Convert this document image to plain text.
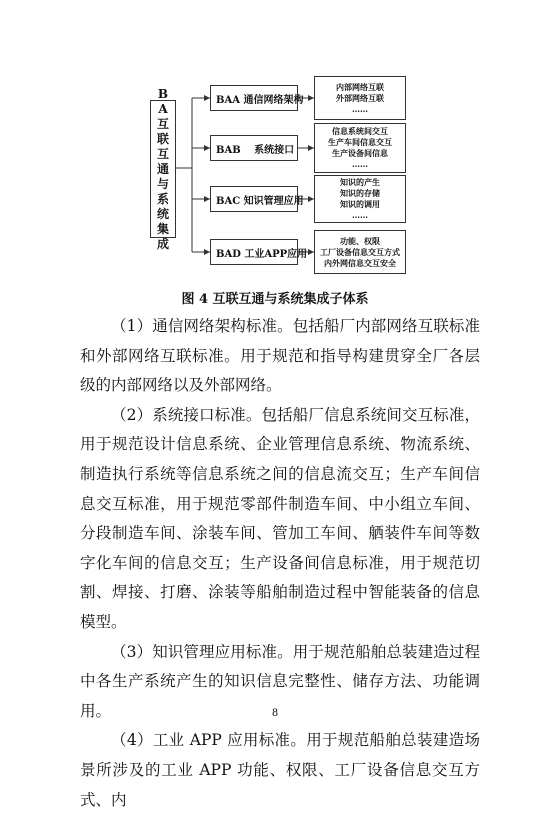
BA互联互通与系统集成
BAA 通信网络架构
BAB　 系统接口
BAC 知识管理应用
BAD 工业APP应用
内部网络互联
外部网络互联
……
信息系统间交互
生产车间信息交互
生产设备间信息
……
知识的产生
知识的存储
知识的调用
……
功能、权限
工厂设备信息交互方式
内外网信息交互安全
图 4 互联互通与系统集成子体系

（1）通信网络架构标准。包括船厂内部网络互联标准和外部网络互联标准。用于规范和指导构建贯穿全厂各层级的内部网络以及外部网络。

（2）系统接口标准。包括船厂信息系统间交互标准，用于规范设计信息系统、企业管理信息系统、物流系统、制造执行系统等信息系统之间的信息流交互；生产车间信息交互标准，用于规范零部件制造车间、中小组立车间、分段制造车间、涂装车间、管加工车间、舾装件车间等数字化车间的信息交互；生产设备间信息标准，用于规范切割、焊接、打磨、涂装等船舶制造过程中智能装备的信息模型。

（3）知识管理应用标准。用于规范船舶总装建造过程中各生产系统产生的知识信息完整性、储存方法、功能调用。

（4）工业 APP 应用标准。用于规范船舶总装建造场景所涉及的工业 APP 功能、权限、工厂设备信息交互方式、内

8
